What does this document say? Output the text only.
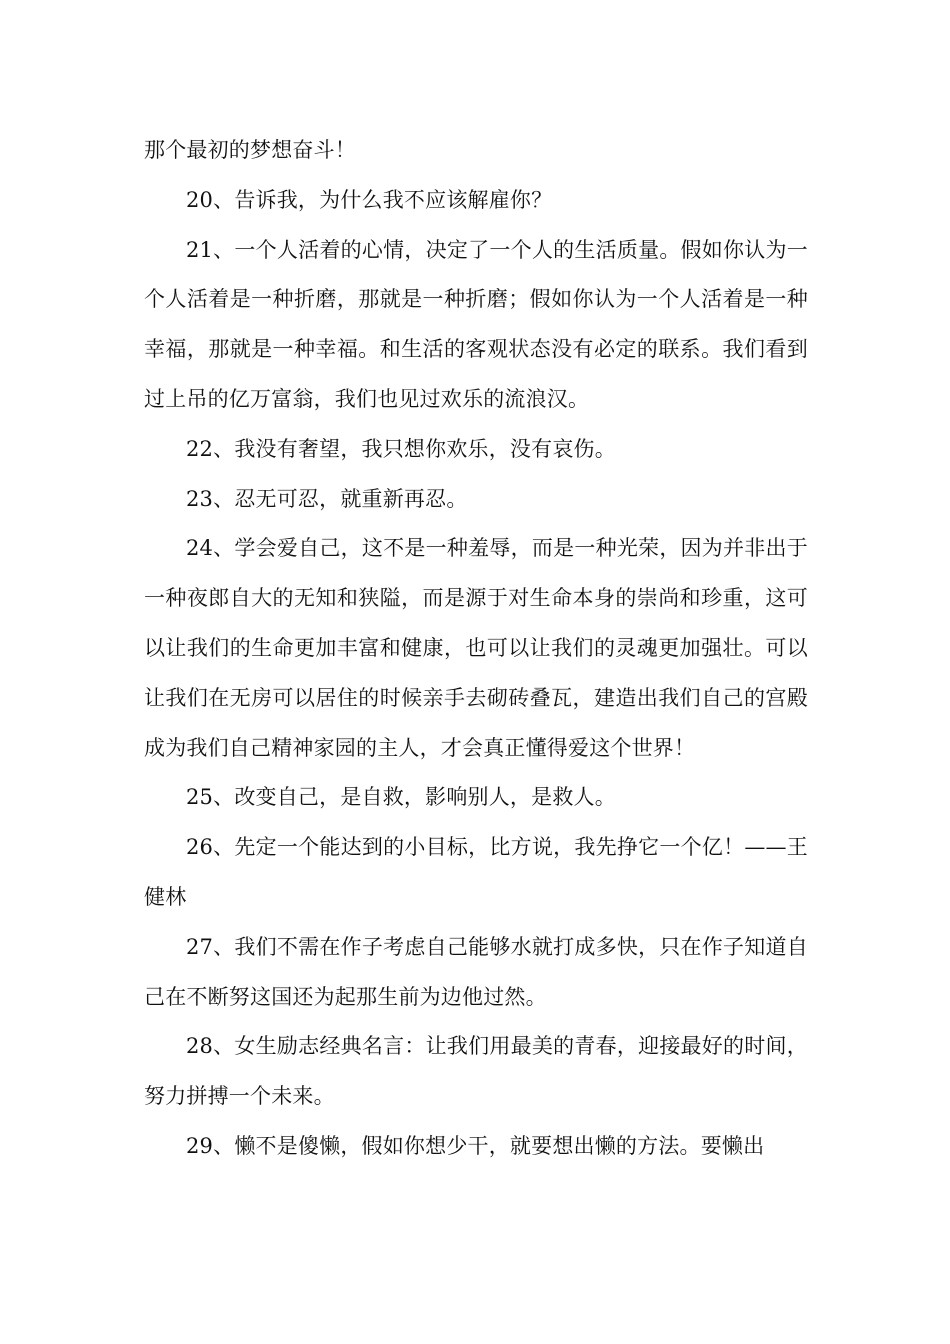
那个最初的梦想奋斗！

20、告诉我，为什么我不应该解雇你？

21、一个人活着的心情，决定了一个人的生活质量。假如你认为一个人活着是一种折磨，那就是一种折磨；假如你认为一个人活着是一种幸福，那就是一种幸福。和生活的客观状态没有必定的联系。我们看到过上吊的亿万富翁，我们也见过欢乐的流浪汉。

22、我没有奢望，我只想你欢乐，没有哀伤。

23、忍无可忍，就重新再忍。

24、学会爱自己，这不是一种羞辱，而是一种光荣，因为并非出于一种夜郎自大的无知和狭隘，而是源于对生命本身的崇尚和珍重，这可以让我们的生命更加丰富和健康，也可以让我们的灵魂更加强壮。可以让我们在无房可以居住的时候亲手去砌砖叠瓦，建造出我们自己的宫殿成为我们自己精神家园的主人，才会真正懂得爱这个世界！

25、改变自己，是自救，影响别人，是救人。

26、先定一个能达到的小目标，比方说，我先挣它一个亿！——王健林

27、我们不需在作子考虑自己能够水就打成多快，只在作子知道自己在不断努这国还为起那生前为边他过然。

28、女生励志经典名言：让我们用最美的青春，迎接最好的时间，努力拼搏一个未来。

29、懒不是傻懒，假如你想少干，就要想出懒的方法。要懒出
